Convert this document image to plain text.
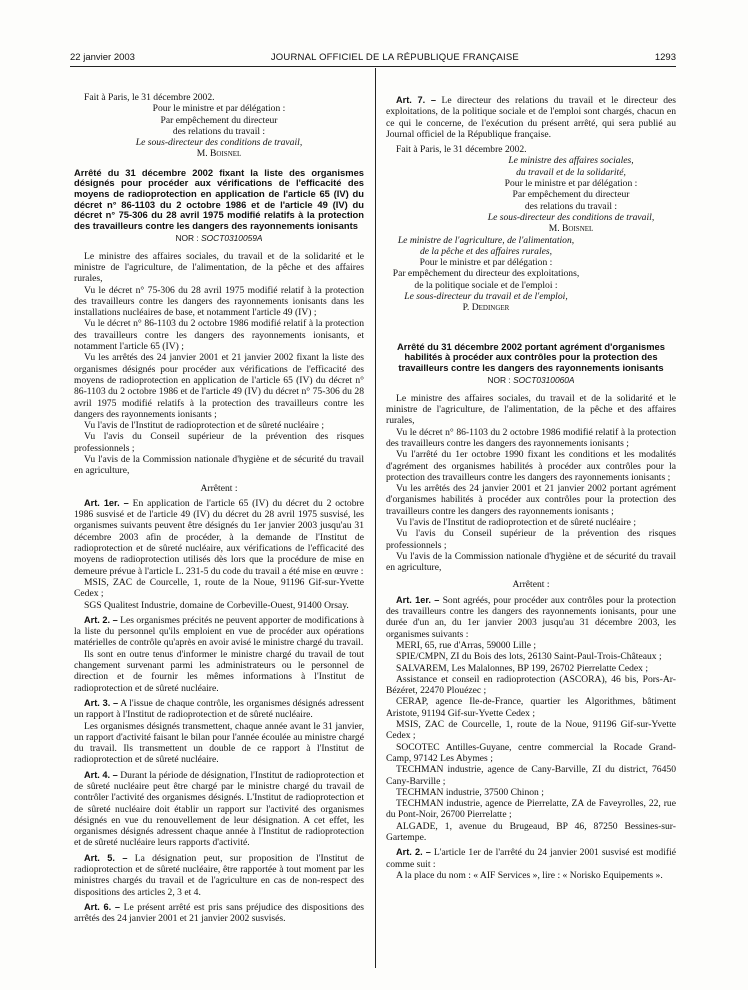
22 janvier 2003	JOURNAL OFFICIEL DE LA RÉPUBLIQUE FRANÇAISE	1293

Fait à Paris, le 31 décembre 2002.

Pour le ministre et par délégation :

Par empêchement du directeur

des relations du travail :

Le sous-directeur des conditions de travail,

M. Boisnel

Arrêté du 31 décembre 2002 fixant la liste des organismes désignés pour procéder aux vérifications de l'efficacité des moyens de radioprotection en application de l'article 65 (IV) du décret n° 86-1103 du 2 octobre 1986 et de l'article 49 (IV) du décret n° 75-306 du 28 avril 1975 modifié relatifs à la protection des travailleurs contre les dangers des rayonnements ionisants

NOR : SOCT0310059A

Le ministre des affaires sociales, du travail et de la solidarité et le ministre de l'agriculture, de l'alimentation, de la pêche et des affaires rurales,

Vu le décret n° 75-306 du 28 avril 1975 modifié relatif à la protection des travailleurs contre les dangers des rayonnements ionisants dans les installations nucléaires de base, et notamment l'article 49 (IV) ;

Vu le décret n° 86-1103 du 2 octobre 1986 modifié relatif à la protection des travailleurs contre les dangers des rayonnements ionisants, et notamment l'article 65 (IV) ;

Vu les arrêtés des 24 janvier 2001 et 21 janvier 2002 fixant la liste des organismes désignés pour procéder aux vérifications de l'efficacité des moyens de radioprotection en application de l'article 65 (IV) du décret n° 86-1103 du 2 octobre 1986 et de l'article 49 (IV) du décret n° 75-306 du 28 avril 1975 modifié relatifs à la protection des travailleurs contre les dangers des rayonnements ionisants ;

Vu l'avis de l'Institut de radioprotection et de sûreté nucléaire ;

Vu l'avis du Conseil supérieur de la prévention des risques professionnels ;

Vu l'avis de la Commission nationale d'hygiène et de sécurité du travail en agriculture,

Arrêtent :

Art. 1er. – En application de l'article 65 (IV) du décret du 2 octobre 1986 susvisé et de l'article 49 (IV) du décret du 28 avril 1975 susvisé, les organismes suivants peuvent être désignés du 1er janvier 2003 jusqu'au 31 décembre 2003 afin de procéder, à la demande de l'Institut de radioprotection et de sûreté nucléaire, aux vérifications de l'efficacité des moyens de radioprotection utilisés dès lors que la procédure de mise en demeure prévue à l'article L. 231-5 du code du travail a été mise en œuvre :

MSIS, ZAC de Courcelle, 1, route de la Noue, 91196 Gif-sur-Yvette Cedex ;

SGS Qualitest Industrie, domaine de Corbeville-Ouest, 91400 Orsay.

Art. 2. – Les organismes précités ne peuvent apporter de modifications à la liste du personnel qu'ils emploient en vue de procéder aux opérations matérielles de contrôle qu'après en avoir avisé le ministre chargé du travail.

Ils sont en outre tenus d'informer le ministre chargé du travail de tout changement survenant parmi les administrateurs ou le personnel de direction et de fournir les mêmes informations à l'Institut de radioprotection et de sûreté nucléaire.

Art. 3. – A l'issue de chaque contrôle, les organismes désignés adressent un rapport à l'Institut de radioprotection et de sûreté nucléaire.

Les organismes désignés transmettent, chaque année avant le 31 janvier, un rapport d'activité faisant le bilan pour l'année écoulée au ministre chargé du travail. Ils transmettent un double de ce rapport à l'Institut de radioprotection et de sûreté nucléaire.

Art. 4. – Durant la période de désignation, l'Institut de radioprotection et de sûreté nucléaire peut être chargé par le ministre chargé du travail de contrôler l'activité des organismes désignés. L'Institut de radioprotection et de sûreté nucléaire doit établir un rapport sur l'activité des organismes désignés en vue du renouvellement de leur désignation. A cet effet, les organismes désignés adressent chaque année à l'Institut de radioprotection et de sûreté nucléaire leurs rapports d'activité.

Art. 5. – La désignation peut, sur proposition de l'Institut de radioprotection et de sûreté nucléaire, être rapportée à tout moment par les ministres chargés du travail et de l'agriculture en cas de non-respect des dispositions des articles 2, 3 et 4.

Art. 6. – Le présent arrêté est pris sans préjudice des dispositions des arrêtés des 24 janvier 2001 et 21 janvier 2002 susvisés.

Art. 7. – Le directeur des relations du travail et le directeur des exploitations, de la politique sociale et de l'emploi sont chargés, chacun en ce qui le concerne, de l'exécution du présent arrêté, qui sera publié au Journal officiel de la République française.

Fait à Paris, le 31 décembre 2002.

Le ministre des affaires sociales,

du travail et de la solidarité,

Pour le ministre et par délégation :

Par empêchement du directeur

des relations du travail :

Le sous-directeur des conditions de travail,

M. Boisnel

Le ministre de l'agriculture, de l'alimentation,

de la pêche et des affaires rurales,

Pour le ministre et par délégation :

Par empêchement du directeur des exploitations,

de la politique sociale et de l'emploi :

Le sous-directeur du travail et de l'emploi,

P. Dedinger

Arrêté du 31 décembre 2002 portant agrément d'organismes habilités à procéder aux contrôles pour la protection des travailleurs contre les dangers des rayonnements ionisants

NOR : SOCT0310060A

Le ministre des affaires sociales, du travail et de la solidarité et le ministre de l'agriculture, de l'alimentation, de la pêche et des affaires rurales,

Vu le décret n° 86-1103 du 2 octobre 1986 modifié relatif à la protection des travailleurs contre les dangers des rayonnements ionisants ;

Vu l'arrêté du 1er octobre 1990 fixant les conditions et les modalités d'agrément des organismes habilités à procéder aux contrôles pour la protection des travailleurs contre les dangers des rayonnements ionisants ;

Vu les arrêtés des 24 janvier 2001 et 21 janvier 2002 portant agrément d'organismes habilités à procéder aux contrôles pour la protection des travailleurs contre les dangers des rayonnements ionisants ;

Vu l'avis de l'Institut de radioprotection et de sûreté nucléaire ;

Vu l'avis du Conseil supérieur de la prévention des risques professionnels ;

Vu l'avis de la Commission nationale d'hygiène et de sécurité du travail en agriculture,

Arrêtent :

Art. 1er. – Sont agréés, pour procéder aux contrôles pour la protection des travailleurs contre les dangers des rayonnements ionisants, pour une durée d'un an, du 1er janvier 2003 jusqu'au 31 décembre 2003, les organismes suivants :

MERI, 65, rue d'Arras, 59000 Lille ;

SPIE/CMPN, ZI du Bois des lots, 26130 Saint-Paul-Trois-Châteaux ;

SALVAREM, Les Malalonnes, BP 199, 26702 Pierrelatte Cedex ;

Assistance et conseil en radioprotection (ASCORA), 46 bis, Pors-Ar-Bézéret, 22470 Plouézec ;

CERAP, agence Ile-de-France, quartier les Algorithmes, bâtiment Aristote, 91194 Gif-sur-Yvette Cedex ;

MSIS, ZAC de Courcelle, 1, route de la Noue, 91196 Gif-sur-Yvette Cedex ;

SOCOTEC Antilles-Guyane, centre commercial la Rocade Grand-Camp, 97142 Les Abymes ;

TECHMAN industrie, agence de Cany-Barville, ZI du district, 76450 Cany-Barville ;

TECHMAN industrie, 37500 Chinon ;

TECHMAN industrie, agence de Pierrelatte, ZA de Faveyrolles, 22, rue du Pont-Noir, 26700 Pierrelatte ;

ALGADE, 1, avenue du Brugeaud, BP 46, 87250 Bessines-sur-Gartempe.

Art. 2. – L'article 1er de l'arrêté du 24 janvier 2001 susvisé est modifié comme suit :

A la place du nom : « AIF Services », lire : « Norisko Equipements ».
